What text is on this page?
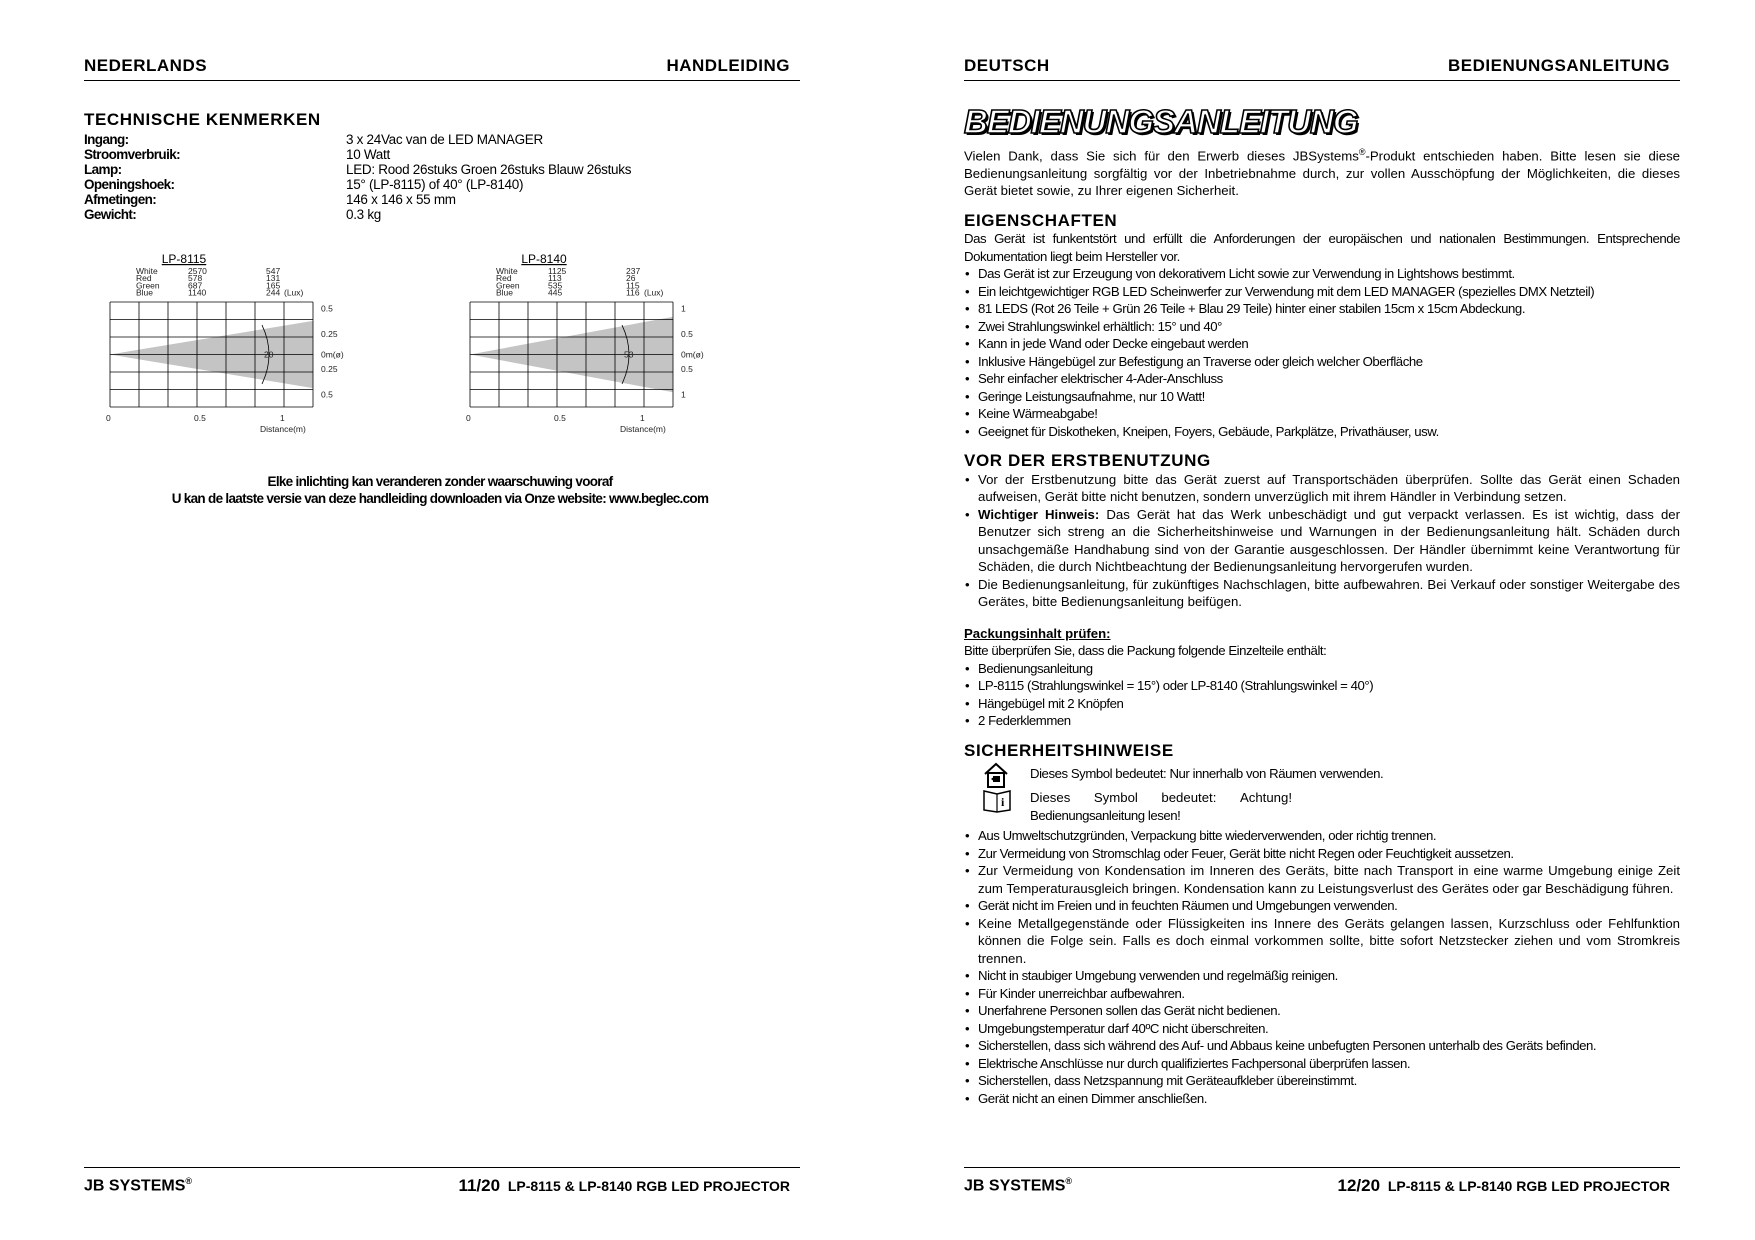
NEDERLANDS	HANDLEIDING
TECHNISCHE KENMERKEN
Ingang:	3 x 24Vac van de LED MANAGER
Stroomverbruik:	10 Watt
Lamp:	LED: Rood 26stuks Groen 26stuks Blauw 26stuks
Openingshoek:	15° (LP-8115) of 40° (LP-8140)
Afmetingen:	146 x 146 x 55 mm
Gewicht:	0.3 kg
LP-8115
White	2570	547
Red	578	131
Green	687	165
Blue	1140	244 (Lux)
20
0.5
0.25
0m(ø)
0.25
0.5
0	0.5	1
Distance(m)
LP-8140
White	1125	237
Red	113	26
Green	535	115
Blue	445	116 (Lux)
53
1
0.5
0m(ø)
0.5
1
0	0.5	1
Distance(m)
Elke inlichting kan veranderen zonder waarschuwing vooraf
U kan de laatste versie van deze handleiding downloaden via Onze website: www.beglec.com
JB SYSTEMS®	11/20 LP-8115 & LP-8140 RGB LED PROJECTOR
DEUTSCH	BEDIENUNGSANLEITUNG
BEDIENUNGSANLEITUNG

Vielen Dank, dass Sie sich für den Erwerb dieses JBSystems®-Produkt entschieden haben. Bitte lesen sie diese Bedienungsanleitung sorgfältig vor der Inbetriebnahme durch, zur vollen Ausschöpfung der Möglichkeiten, die dieses Gerät bietet sowie, zu Ihrer eigenen Sicherheit.

EIGENSCHAFTEN

Das Gerät ist funkentstört und erfüllt die Anforderungen der europäischen und nationalen Bestimmungen. Entsprechende Dokumentation liegt beim Hersteller vor.

• Das Gerät ist zur Erzeugung von dekorativem Licht sowie zur Verwendung in Lightshows bestimmt.
• Ein leichtgewichtiger RGB LED Scheinwerfer zur Verwendung mit dem LED MANAGER (spezielles DMX Netzteil)
• 81 LEDS (Rot 26 Teile + Grün 26 Teile + Blau 29 Teile) hinter einer stabilen 15cm x 15cm Abdeckung.
• Zwei Strahlungswinkel erhältlich: 15° und 40°
• Kann in jede Wand oder Decke eingebaut werden
• Inklusive Hängebügel zur Befestigung an Traverse oder gleich welcher Oberfläche
• Sehr einfacher elektrischer 4-Ader-Anschluss
• Geringe Leistungsaufnahme, nur 10 Watt!
• Keine Wärmeabgabe!
• Geeignet für Diskotheken, Kneipen, Foyers, Gebäude, Parkplätze, Privathäuser, usw.
VOR DER ERSTBENUTZUNG
• Vor der Erstbenutzung bitte das Gerät zuerst auf Transportschäden überprüfen. Sollte das Gerät einen Schaden aufweisen, Gerät bitte nicht benutzen, sondern unverzüglich mit ihrem Händler in Verbindung setzen.
• Wichtiger Hinweis: Das Gerät hat das Werk unbeschädigt und gut verpackt verlassen. Es ist wichtig, dass der Benutzer sich streng an die Sicherheitshinweise und Warnungen in der Bedienungsanleitung hält. Schäden durch unsachgemäße Handhabung sind von der Garantie ausgeschlossen. Der Händler übernimmt keine Verantwortung für Schäden, die durch Nichtbeachtung der Bedienungsanleitung hervorgerufen wurden.
• Die Bedienungsanleitung, für zukünftiges Nachschlagen, bitte aufbewahren. Bei Verkauf oder sonstiger Weitergabe des Gerätes, bitte Bedienungsanleitung beifügen.
Packungsinhalt prüfen:

Bitte überprüfen Sie, dass die Packung folgende Einzelteile enthält:

• Bedienungsanleitung
• LP-8115 (Strahlungswinkel = 15°) oder LP-8140 (Strahlungswinkel = 40°)
• Hängebügel mit 2 Knöpfen
• 2 Federklemmen
SICHERHEITSHINWEISE
Dieses Symbol bedeutet: Nur innerhalb von Räumen verwenden.
i Dieses Symbol bedeutet: Achtung!
Bedienungsanleitung lesen!
• Aus Umweltschutzgründen, Verpackung bitte wiederverwenden, oder richtig trennen.
• Zur Vermeidung von Stromschlag oder Feuer, Gerät bitte nicht Regen oder Feuchtigkeit aussetzen.
• Zur Vermeidung von Kondensation im Inneren des Geräts, bitte nach Transport in eine warme Umgebung einige Zeit zum Temperaturausgleich bringen. Kondensation kann zu Leistungsverlust des Gerätes oder gar Beschädigung führen.
• Gerät nicht im Freien und in feuchten Räumen und Umgebungen verwenden.
• Keine Metallgegenstände oder Flüssigkeiten ins Innere des Geräts gelangen lassen, Kurzschluss oder Fehlfunktion können die Folge sein. Falls es doch einmal vorkommen sollte, bitte sofort Netzstecker ziehen und vom Stromkreis trennen.
• Nicht in staubiger Umgebung verwenden und regelmäßig reinigen.
• Für Kinder unerreichbar aufbewahren.
• Unerfahrene Personen sollen das Gerät nicht bedienen.
• Umgebungstemperatur darf 40ºC nicht überschreiten.
• Sicherstellen, dass sich während des Auf- und Abbaus keine unbefugten Personen unterhalb des Geräts befinden.
• Elektrische Anschlüsse nur durch qualifiziertes Fachpersonal überprüfen lassen.
• Sicherstellen, dass Netzspannung mit Geräteaufkleber übereinstimmt.
• Gerät nicht an einen Dimmer anschließen.
JB SYSTEMS®	12/20 LP-8115 & LP-8140 RGB LED PROJECTOR
